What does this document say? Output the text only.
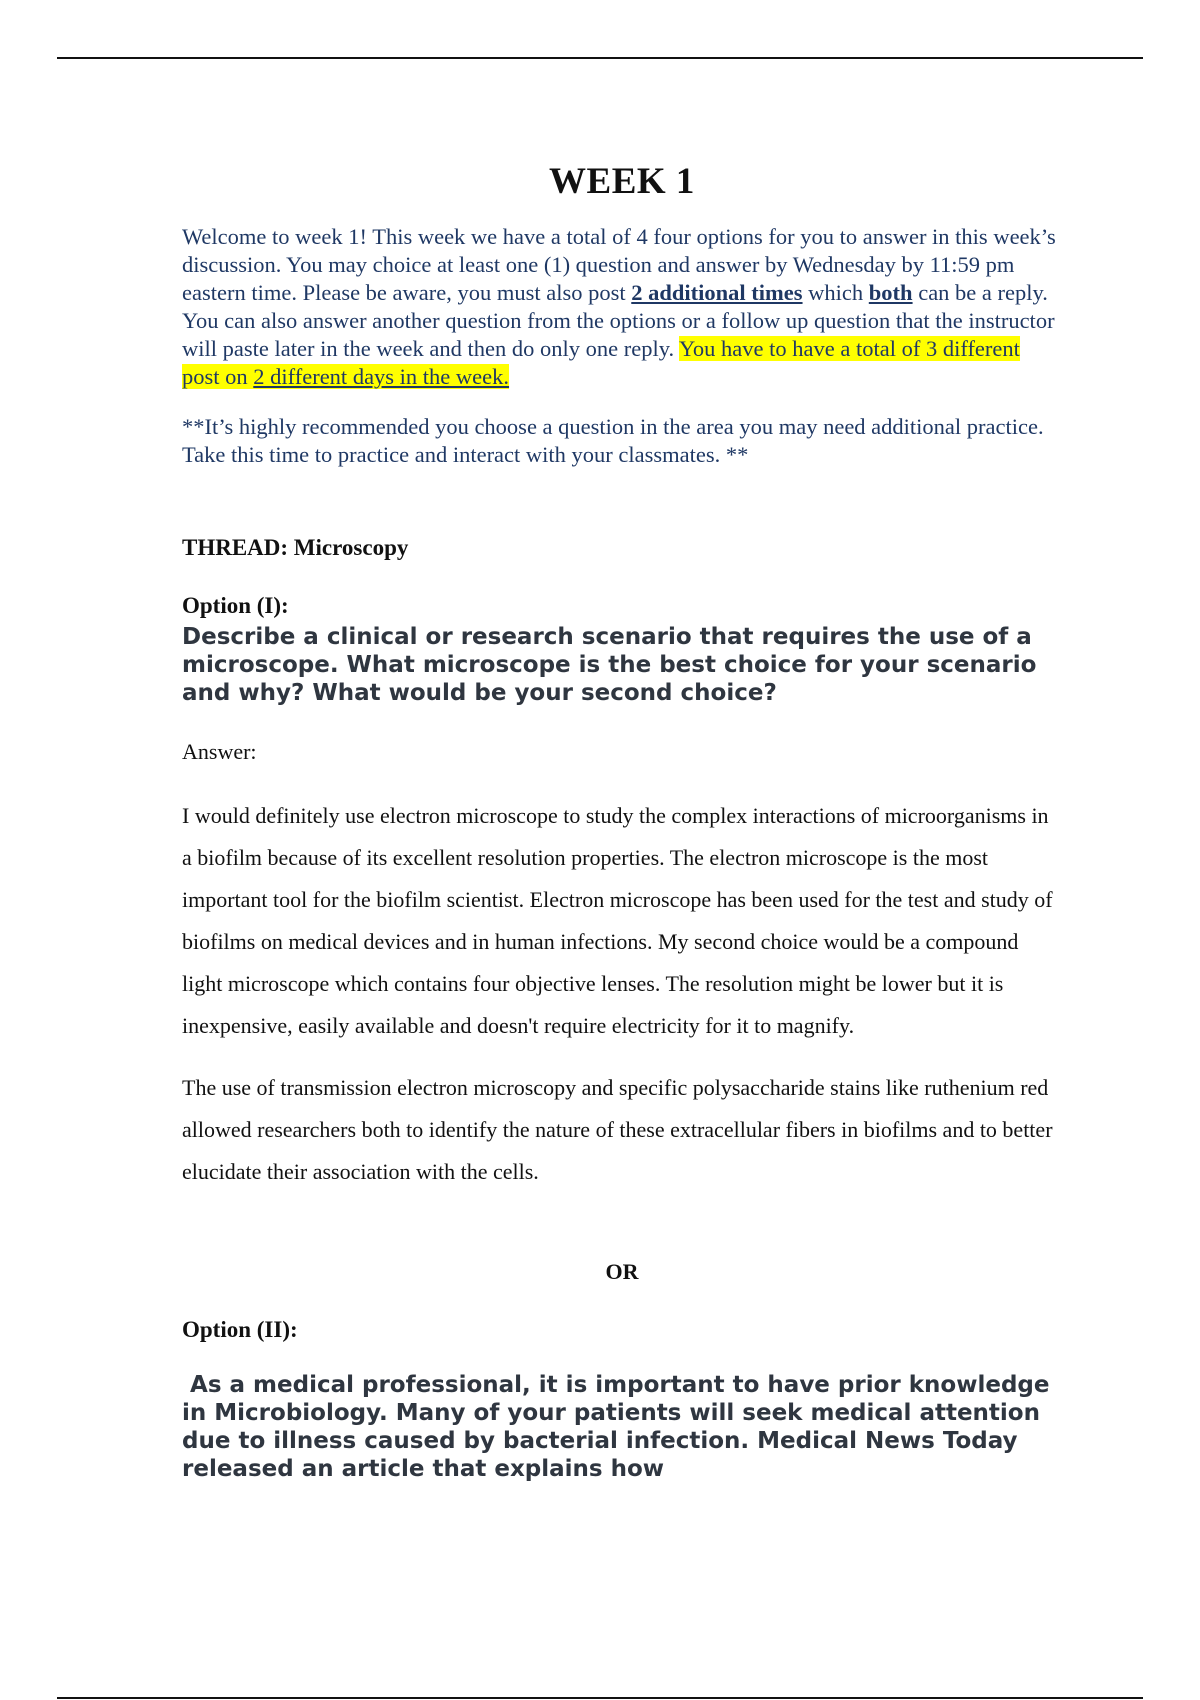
WEEK 1

Welcome to week 1! This week we have a total of 4 four options for you to answer in this week’s discussion. You may choice at least one (1) question and answer by Wednesday by 11:59 pm eastern time. Please be aware, you must also post 2 additional times which both can be a reply. You can also answer another question from the options or a follow up question that the instructor will paste later in the week and then do only one reply. You have to have a total of 3 different post on 2 different days in the week.

**It’s highly recommended you choose a question in the area you may need additional practice. Take this time to practice and interact with your classmates. **

THREAD: Microscopy

Option (I):

Describe a clinical or research scenario that requires the use of a microscope. What microscope is the best choice for your scenario and why? What would be your second choice?

Answer:

I would definitely use electron microscope to study the complex interactions of microorganisms in a biofilm because of its excellent resolution properties. The electron microscope is the most important tool for the biofilm scientist. Electron microscope has been used for the test and study of biofilms on medical devices and in human infections. My second choice would be a compound light microscope which contains four objective lenses. The resolution might be lower but it is inexpensive, easily available and doesn't require electricity for it to magnify.

The use of transmission electron microscopy and specific polysaccharide stains like ruthenium red allowed researchers both to identify the nature of these extracellular fibers in biofilms and to better elucidate their association with the cells.

OR

Option (II):

As a medical professional, it is important to have prior knowledge in Microbiology. Many of your patients will seek medical attention due to illness caused by bacterial infection. Medical News Today released an article that explains how
